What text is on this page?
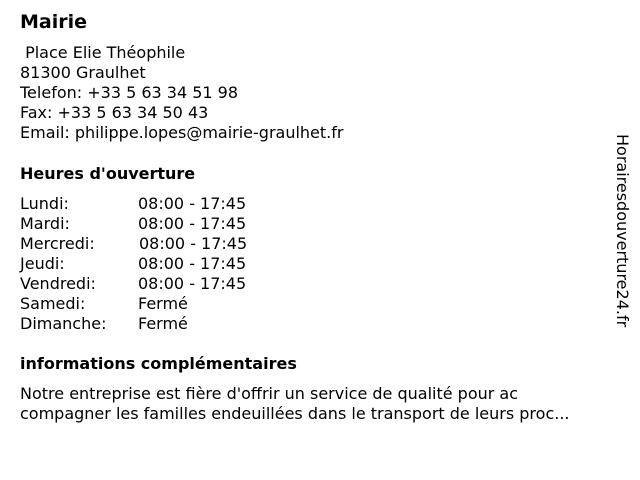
Mairie
Place Elie Théophile
81300 Graulhet
Telefon: +33 5 63 34 51 98
Fax: +33 5 63 34 50 43
Email: philippe.lopes@mairie-graulhet.fr
Heures d'ouverture
Lundi:	08:00 - 17:45
Mardi:	08:00 - 17:45
Mercredi:	08:00 - 17:45
Jeudi:	08:00 - 17:45
Vendredi:	08:00 - 17:45
Samedi:	Fermé
Dimanche: Fermé
informations complémentaires
Notre entreprise est fière d'offrir un service de qualité pour ac
compagner les familles endeuillées dans le transport de leurs proc...
Horairesdouverture24.fr
